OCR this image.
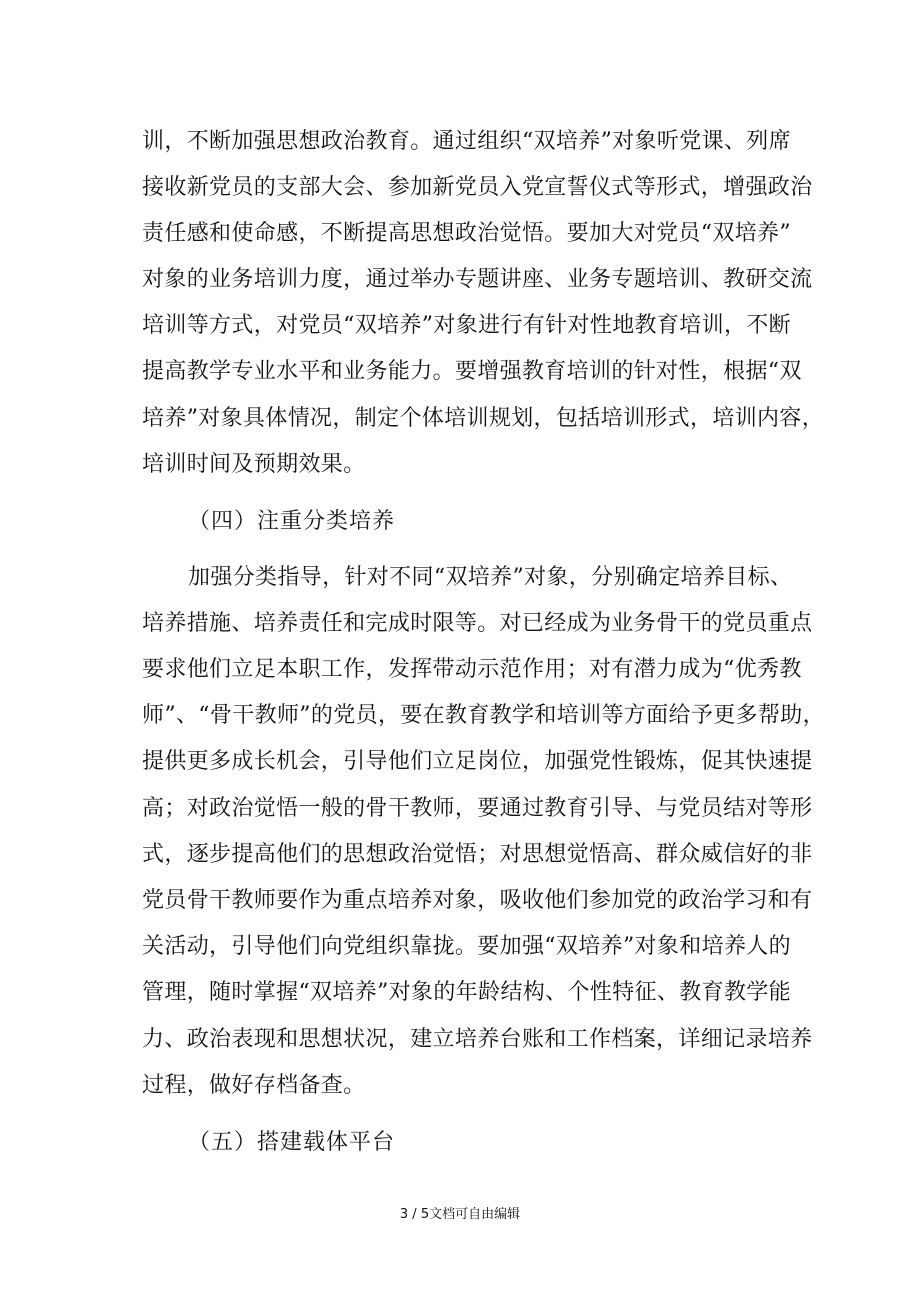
训，不断加强思想政治教育。通过组织“双培养”对象听党课、列席
接收新党员的支部大会、参加新党员入党宣誓仪式等形式，增强政治
责任感和使命感，不断提高思想政治觉悟。要加大对党员“双培养”
对象的业务培训力度，通过举办专题讲座、业务专题培训、教研交流
培训等方式，对党员“双培养”对象进行有针对性地教育培训，不断
提高教学专业水平和业务能力。要增强教育培训的针对性，根据“双
培养”对象具体情况，制定个体培训规划，包括培训形式，培训内容，
培训时间及预期效果。
（四）注重分类培养
加强分类指导，针对不同“双培养”对象，分别确定培养目标、
培养措施、培养责任和完成时限等。对已经成为业务骨干的党员重点
要求他们立足本职工作，发挥带动示范作用；对有潜力成为“优秀教
师”、“骨干教师”的党员，要在教育教学和培训等方面给予更多帮助，
提供更多成长机会，引导他们立足岗位，加强党性锻炼，促其快速提
高；对政治觉悟一般的骨干教师，要通过教育引导、与党员结对等形
式，逐步提高他们的思想政治觉悟；对思想觉悟高、群众威信好的非
党员骨干教师要作为重点培养对象，吸收他们参加党的政治学习和有
关活动，引导他们向党组织靠拢。要加强“双培养”对象和培养人的
管理，随时掌握“双培养”对象的年龄结构、个性特征、教育教学能
力、政治表现和思想状况，建立培养台账和工作档案，详细记录培养
过程，做好存档备查。
（五）搭建载体平台
3 / 5文档可自由编辑
